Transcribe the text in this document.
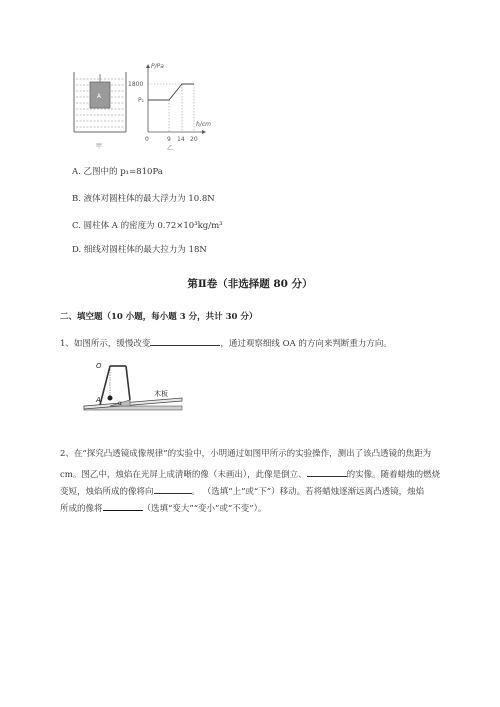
A
甲
P/Pa
h/cm
1800
P₁
0	9 14 20
乙
A. 乙图中的 p₁=810Pa
B. 液体对圆柱体的最大浮力为 10.8N
C. 圆柱体 A 的密度为 0.72×10³kg/m³
D. 细线对圆柱体的最大拉力为 18N
第Ⅱ卷（非选择题 80 分）
二、填空题（10 小题，每小题 3 分，共计 30 分）
1、如图所示，缓慢改变	，通过观察细线 OA 的方向来判断重力方向。
O
A	α
木板
2、在“探究凸透镜成像规律”的实验中，小明通过如图甲所示的实验操作，测出了该凸透镜的焦距为
cm。图乙中，烛焰在光屏上成清晰的像（未画出），此像是倒立、	的实像。随着蜡烛的燃烧
变短，烛焰所成的像将向	。 （选填“上”或“下”）移动。若将蜡烛逐渐远离凸透镜，烛焰
所成的像将	（选填“变大”“变小”或“不变”）。
